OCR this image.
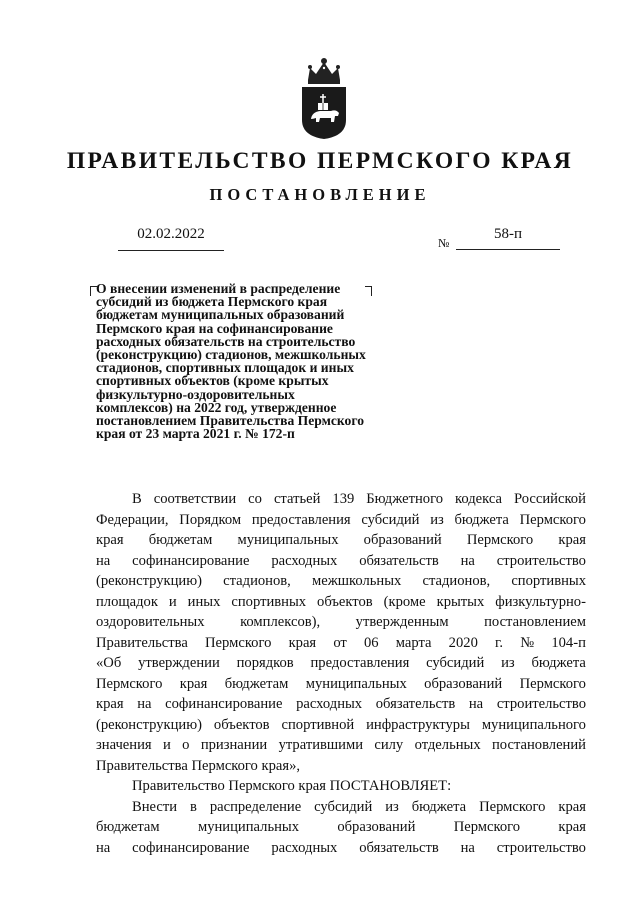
ПРАВИТЕЛЬСТВО ПЕРМСКОГО КРАЯ
ПОСТАНОВЛЕНИЕ
02.02.2022
№
58-п
О внесении изменений в распределение
субсидий из бюджета Пермского края
бюджетам муниципальных образований
Пермского края на софинансирование
расходных обязательств на строительство
(реконструкцию) стадионов, межшкольных
стадионов, спортивных площадок и иных
спортивных объектов (кроме крытых
физкультурно-оздоровительных
комплексов) на 2022 год, утвержденное
постановлением Правительства Пермского
края от 23 марта 2021 г. № 172-п
В соответствии со статьей 139 Бюджетного кодекса Российской
Федерации, Порядком предоставления субсидий из бюджета Пермского
края бюджетам муниципальных образований Пермского края
на софинансирование расходных обязательств на строительство
(реконструкцию) стадионов, межшкольных стадионов, спортивных
площадок и иных спортивных объектов (кроме крытых физкультурно-
оздоровительных комплексов), утвержденным постановлением
Правительства Пермского края от 06 марта 2020 г. № 104-п
«Об утверждении порядков предоставления субсидий из бюджета
Пермского края бюджетам муниципальных образований Пермского
края на софинансирование расходных обязательств на строительство
(реконструкцию) объектов спортивной инфраструктуры муниципального
значения и о признании утратившими силу отдельных постановлений
Правительства Пермского края»,
Правительство Пермского края ПОСТАНОВЛЯЕТ:
Внести в распределение субсидий из бюджета Пермского края
бюджетам	муниципальных	образований	Пермского	края
на софинансирование расходных обязательств на строительство
